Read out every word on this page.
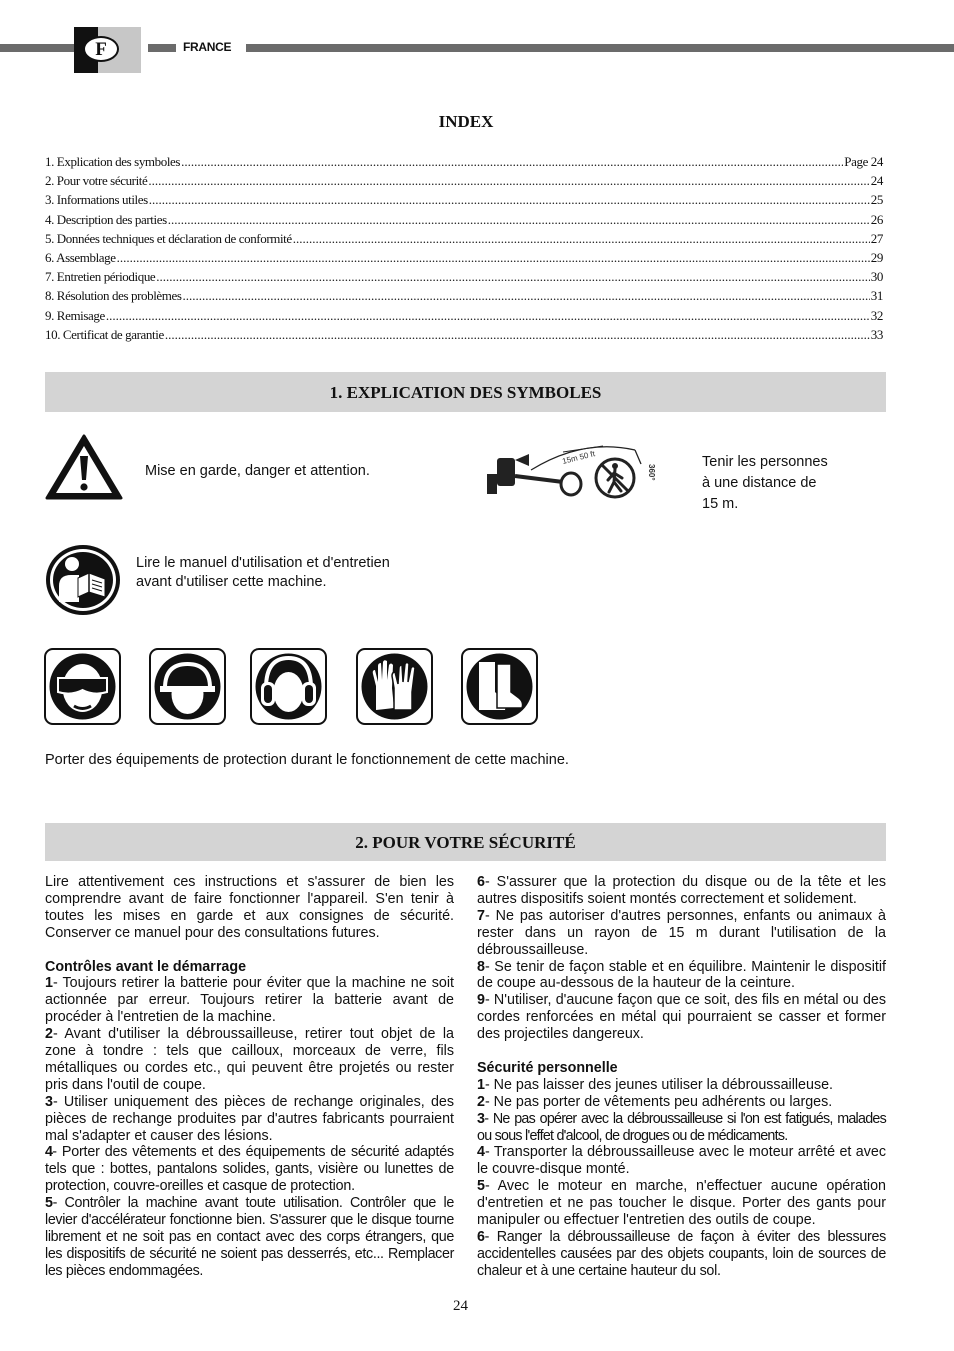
F	FRANCE
INDEX
1. Explication des symboles .....	Page 24
2. Pour votre sécurité .....	24
3. Informations utiles .....	25
4. Description des parties .....	26
5. Données techniques et déclaration de conformité .....	27
6. Assemblage .....	29
7. Entretien périodique .....	30
8. Résolution des problèmes .....	31
9. Remisage .....	32
10. Certificat de garantie .....	33
1. EXPLICATION DES SYMBOLES
Mise en garde, danger et attention.
15m 50 ft
360°
Tenir les personnes
à une distance de
15 m.
Lire le manuel d'utilisation et d'entretien
avant d'utiliser cette machine.
Porter des équipements de protection durant le fonctionnement de cette machine.
2. POUR VOTRE SÉCURITÉ

Lire attentivement ces instructions et s'assurer de bien les comprendre avant de faire fonctionner l'appareil. S'en tenir à toutes les mises en garde et aux consignes de sécurité. Conserver ce manuel pour des consultations futures.

Contrôles avant le démarrage

1- Toujours retirer la batterie pour éviter que la machine ne soit actionnée par erreur. Toujours retirer la batterie avant de procéder à l'entretien de la machine.

2- Avant d'utiliser la débroussailleuse, retirer tout objet de la zone à tondre : tels que cailloux, morceaux de verre, fils métalliques ou cordes etc., qui peuvent être projetés ou rester pris dans l'outil de coupe.

3- Utiliser uniquement des pièces de rechange originales, des pièces de rechange produites par d'autres fabricants pourraient mal s'adapter et causer des lésions.

4- Porter des vêtements et des équipements de sécurité adaptés tels que : bottes, pantalons solides, gants, visière ou lunettes de protection, couvre-oreilles et casque de protection.

5- Contrôler la machine avant toute utilisation. Contrôler que le levier d'accélérateur fonctionne bien. S'assurer que le disque tourne librement et ne soit pas en contact avec des corps étrangers, que les dispositifs de sécurité ne soient pas desserrés, etc... Remplacer les pièces endommagées.

6- S'assurer que la protection du disque ou de la tête et les autres dispositifs soient montés correctement et solidement.

7- Ne pas autoriser d'autres personnes, enfants ou animaux à rester dans un rayon de 15 m durant l'utilisation de la débroussailleuse.

8- Se tenir de façon stable et en équilibre. Maintenir le dispositif de coupe au-dessous de la hauteur de la ceinture.

9- N'utiliser, d'aucune façon que ce soit, des fils en métal ou des cordes renforcées en métal qui pourraient se casser et former des projectiles dangereux.

Sécurité personnelle

1- Ne pas laisser des jeunes utiliser la débroussailleuse.

2- Ne pas porter de vêtements peu adhérents ou larges.

3- Ne pas opérer avec la débroussailleuse si l'on est fatigués, malades ou sous l'effet d'alcool, de drogues ou de médicaments.

4- Transporter la débroussailleuse avec le moteur arrêté et avec le couvre-disque monté.

5- Avec le moteur en marche, n'effectuer aucune opération d'entretien et ne pas toucher le disque. Porter des gants pour manipuler ou effectuer l'entretien des outils de coupe.

6- Ranger la débroussailleuse de façon à éviter des blessures accidentelles causées par des objets coupants, loin de sources de chaleur et à une certaine hauteur du sol.

24
